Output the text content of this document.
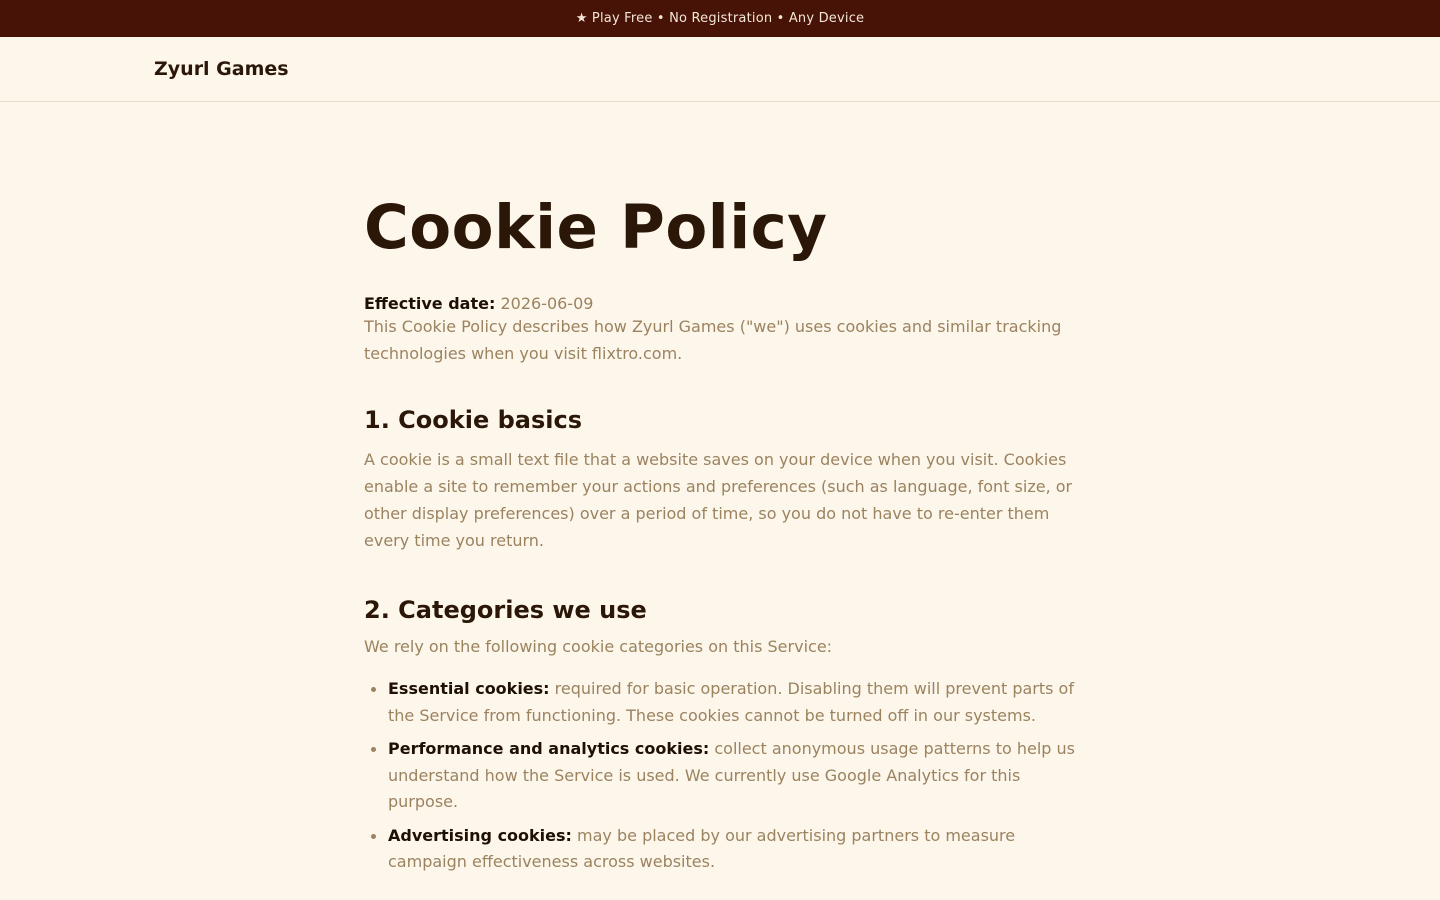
★ Play Free • No Registration • Any Device
Zyurl Games
Cookie Policy
Effective date: 2026-06-09

This Cookie Policy describes how Zyurl Games ("we") uses cookies and similar tracking technologies when you visit flixtro.com.

1. Cookie basics

A cookie is a small text file that a website saves on your device when you visit. Cookies enable a site to remember your actions and preferences (such as language, font size, or other display preferences) over a period of time, so you do not have to re-enter them every time you return.

2. Categories we use

We rely on the following cookie categories on this Service:

Essential cookies: required for basic operation. Disabling them will prevent parts of the Service from functioning. These cookies cannot be turned off in our systems.
Performance and analytics cookies: collect anonymous usage patterns to help us understand how the Service is used. We currently use Google Analytics for this purpose.
Advertising cookies: may be placed by our advertising partners to measure campaign effectiveness across websites.
